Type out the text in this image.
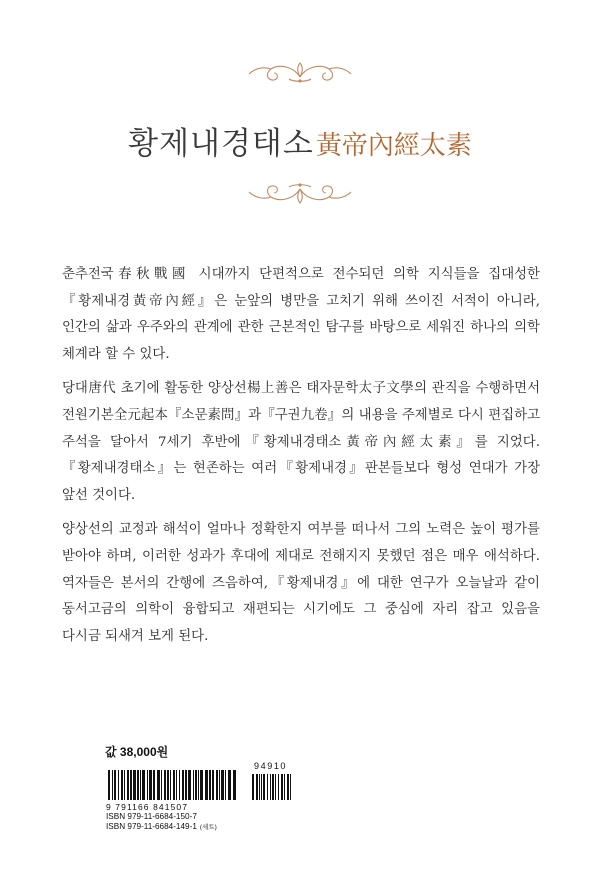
황제내경태소黃帝內經太素

춘추전국春秋戰國 시대까지 단편적으로 전수되던 의학 지식들을 집대성한『황제내경黃帝內經』은 눈앞의 병만을 고치기 위해 쓰이진 서적이 아니라, 인간의 삶과 우주와의 관계에 관한 근본적인 탐구를 바탕으로 세워진 하나의 의학 체계라 할 수 있다.

당대唐代 초기에 활동한 양상선楊上善은 태자문학太子文學의 관직을 수행하면서 전원기본全元起本『소문素問』과『구권九卷』의 내용을 주제별로 다시 편집하고 주석을 달아서 7세기 후반에『황제내경태소黃帝內經太素』를 지었다.『황제내경태소』는 현존하는 여러『황제내경』판본들보다 형성 연대가 가장 앞선 것이다.

양상선의 교정과 해석이 얼마나 정확한지 여부를 떠나서 그의 노력은 높이 평가를 받아야 하며, 이러한 성과가 후대에 제대로 전해지지 못했던 점은 매우 애석하다. 역자들은 본서의 간행에 즈음하여,『황제내경』에 대한 연구가 오늘날과 같이 동서고금의 의학이 융합되고 재편되는 시기에도 그 중심에 자리 잡고 있음을 다시금 되새겨 보게 된다.

값 38,000원
94910
9 791166 841507
ISBN 979-11-6684-150-7
ISBN 979-11-6684-149-1 (세트)
